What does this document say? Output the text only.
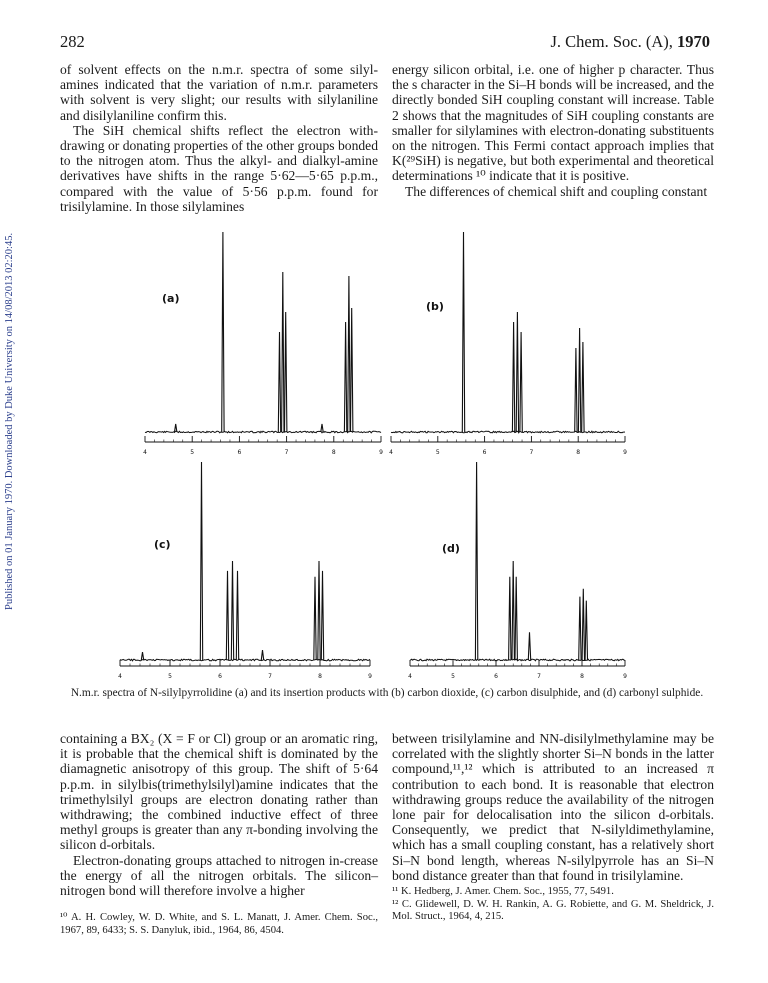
Published on 01 January 1970. Downloaded by Duke University on 14/08/2013 02:20:45.
282	J. Chem. Soc. (A), 1970

of solvent effects on the n.m.r. spectra of some silyl-amines indicated that the variation of n.m.r. parameters with solvent is very slight; our results with silylaniline and disilylaniline confirm this.

The SiH chemical shifts reflect the electron with-drawing or donating properties of the other groups bonded to the nitrogen atom. Thus the alkyl- and dialkyl-amine derivatives have shifts in the range 5·62—5·65 p.p.m., compared with the value of 5·56 p.p.m. found for trisilylamine. In those silylamines

energy silicon orbital, i.e. one of higher p character. Thus the s character in the Si–H bonds will be increased, and the directly bonded SiH coupling constant will increase. Table 2 shows that the magnitudes of SiH coupling constants are smaller for silylamines with electron-donating substituents on the nitrogen. This Fermi contact approach implies that K(²⁹SiH) is negative, but both experimental and theoretical determinations ¹⁰ indicate that it is positive.

The differences of chemical shift and coupling constant

(a)
4	5	6	7	8	9
(b)
4	5	6	7	8	9
(c)
4	5	6	7	8	9
(d)
4	5	6	7	8	9
N.m.r. spectra of N-silylpyrrolidine (a) and its insertion products with (b) carbon dioxide, (c) carbon disulphide, and (d) carbonyl sulphide.

containing a BX₂ (X = F or Cl) group or an aromatic ring, it is probable that the chemical shift is dominated by the diamagnetic anisotropy of this group. The shift of 5·64 p.p.m. in silylbis(trimethylsilyl)amine indicates that the trimethylsilyl groups are electron donating rather than withdrawing; the combined inductive effect of three methyl groups is greater than any π-bonding involving the silicon d-orbitals.

Electron-donating groups attached to nitrogen in-crease the energy of all the nitrogen orbitals. The silicon–nitrogen bond will therefore involve a higher

¹⁰ A. H. Cowley, W. D. White, and S. L. Manatt, J. Amer. Chem. Soc., 1967, 89, 6433; S. S. Danyluk, ibid., 1964, 86, 4504.

between trisilylamine and NN-disilylmethylamine may be correlated with the slightly shorter Si–N bonds in the latter compound,¹¹,¹² which is attributed to an increased π contribution to each bond. It is reasonable that electron withdrawing groups reduce the availability of the nitrogen lone pair for delocalisation into the silicon d-orbitals. Consequently, we predict that N-silyldimethylamine, which has a small coupling constant, has a relatively short Si–N bond length, whereas N-silylpyrrole has an Si–N bond distance greater than that found in trisilylamine.

¹¹ K. Hedberg, J. Amer. Chem. Soc., 1955, 77, 5491.

¹² C. Glidewell, D. W. H. Rankin, A. G. Robiette, and G. M. Sheldrick, J. Mol. Struct., 1964, 4, 215.
